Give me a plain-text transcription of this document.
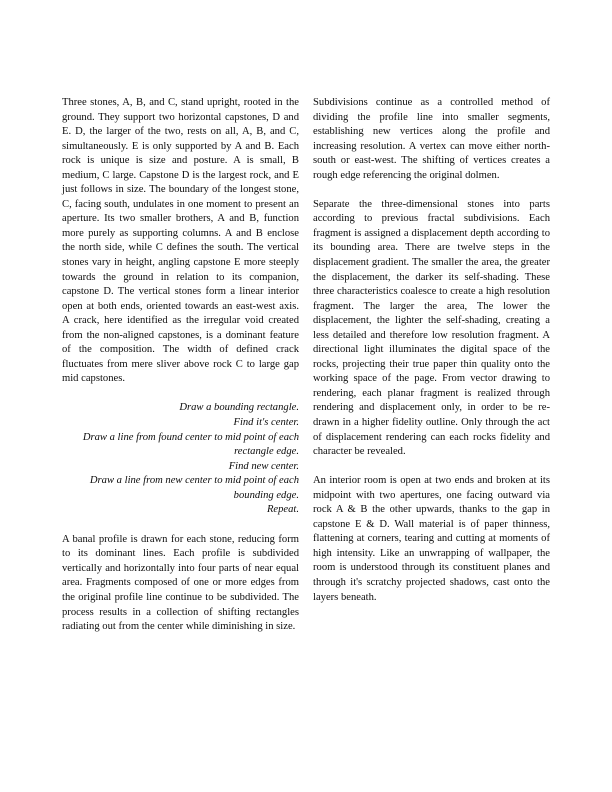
Three stones, A, B, and C, stand upright, rooted in the ground. They support two horizontal capstones, D and E. D, the larger of the two, rests on all, A, B, and C, simultaneously. E is only supported by A and B. Each rock is unique is size and posture. A is small, B medium, C large. Capstone D is the largest rock, and E just follows in size. The boundary of the longest stone, C, facing south, undulates in one moment to present an aperture. Its two smaller brothers, A and B, function more purely as supporting columns. A and B enclose the north side, while C defines the south. The vertical stones vary in height, angling capstone E more steeply towards the ground in relation to its companion, capstone D. The vertical stones form a linear interior open at both ends, oriented towards an east-west axis. A crack, here identified as the irregular void created from the non-aligned capstones, is a dominant feature of the composition. The width of defined crack fluctuates from mere sliver above rock C to large gap mid capstones.

Draw a bounding rectangle.
Find it's center.
Draw a line from found center to mid point of each rectangle edge.
Find new center.
Draw a line from new center to mid point of each bounding edge.
Repeat.

A banal profile is drawn for each stone, reducing form to its dominant lines. Each profile is subdivided vertically and horizontally into four parts of near equal area. Fragments composed of one or more edges from the original profile line continue to be subdivided. The process results in a collection of shifting rectangles radiating out from the center while diminishing in size.

Subdivisions continue as a controlled method of dividing the profile line into smaller segments, establishing new vertices along the profile and increasing resolution. A vertex can move either north-south or east-west. The shifting of vertices creates a rough edge referencing the original dolmen.

Separate the three-dimensional stones into parts according to previous fractal subdivisions. Each fragment is assigned a displacement depth according to its bounding area. There are twelve steps in the displacement gradient. The smaller the area, the greater the displacement, the darker its self-shading. These three characteristics coalesce to create a high resolution fragment. The larger the area, The lower the displacement, the lighter the self-shading, creating a less detailed and therefore low resolution fragment. A directional light illuminates the digital space of the rocks, projecting their true paper thin quality onto the working space of the page. From vector drawing to rendering, each planar fragment is realized through rendering and displacement only, in order to be re-drawn in a higher fidelity outline. Only through the act of displacement rendering can each rocks fidelity and character be revealed.

An interior room is open at two ends and broken at its midpoint with two apertures, one facing outward via rock A & B the other upwards, thanks to the gap in capstone E & D. Wall material is of paper thinness, flattening at corners, tearing and cutting at moments of high intensity. Like an unwrapping of wallpaper, the room is understood through its constituent planes and through it's scratchy projected shadows, cast onto the layers beneath.
